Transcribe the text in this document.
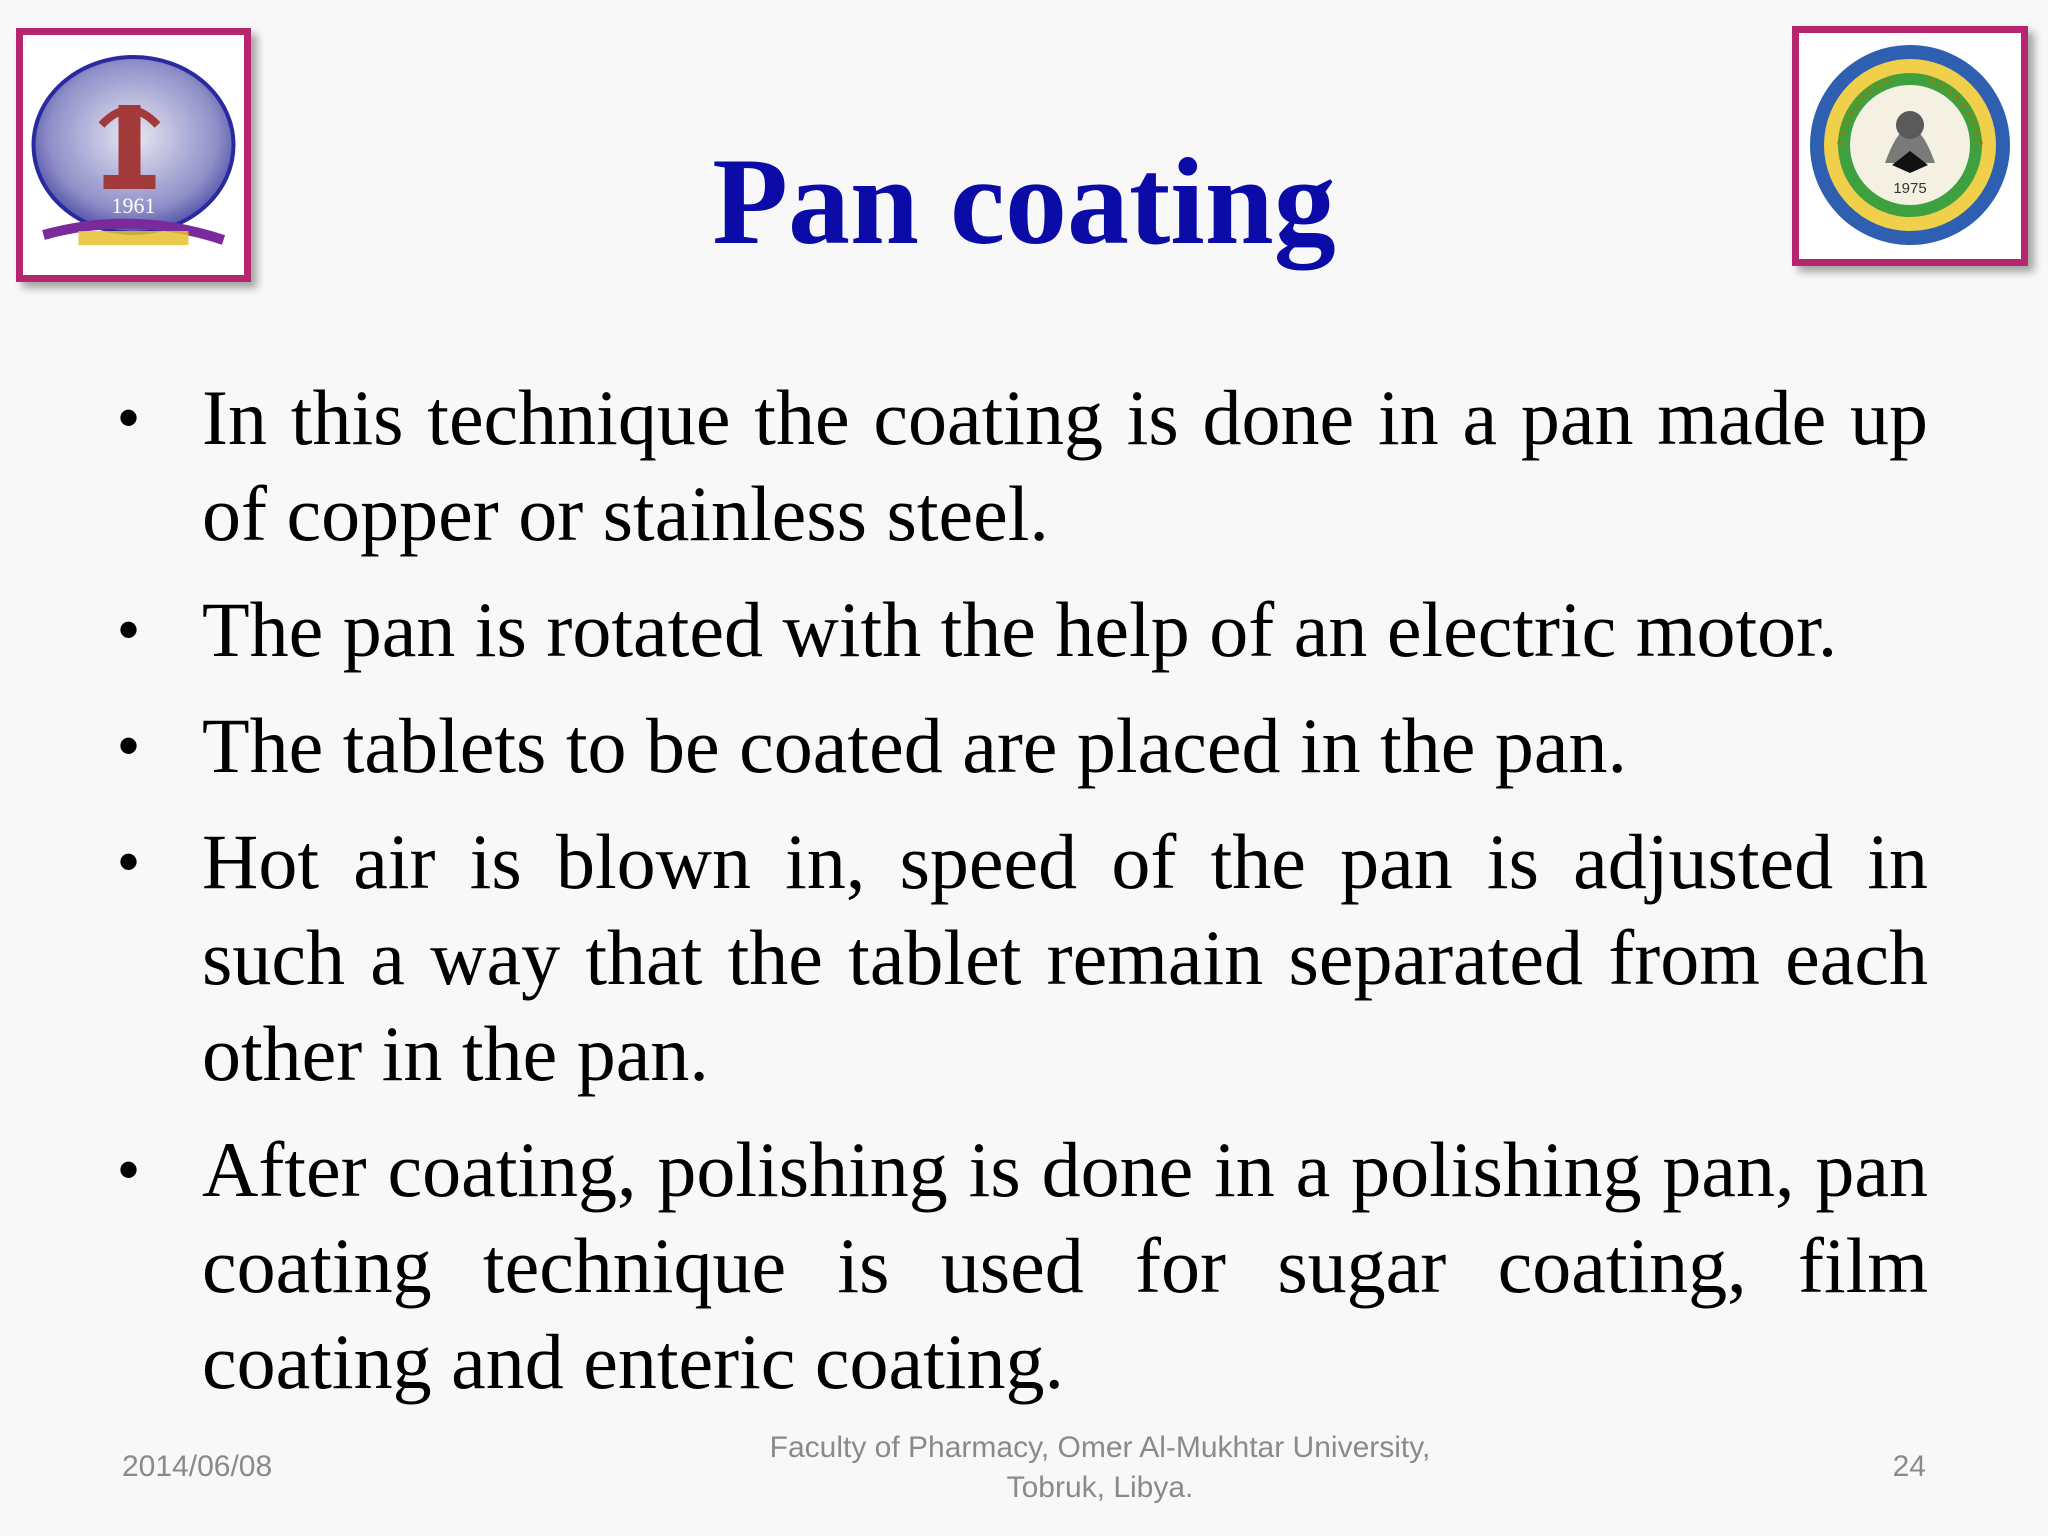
1961
1975
Pan coating
• In this technique the coating is done in a pan made up of copper or stainless steel.
• The pan is rotated with the help of an electric motor.
• The tablets to be coated are placed in the pan.
• Hot air is blown in, speed of the pan is adjusted in such a way that the tablet remain separated from each other in the pan.
• After coating, polishing is done in a polishing pan, pan coating technique is used for sugar coating, film coating and enteric coating.
2014/06/08
Faculty of Pharmacy, Omer Al-Mukhtar University,
Tobruk, Libya.
24
